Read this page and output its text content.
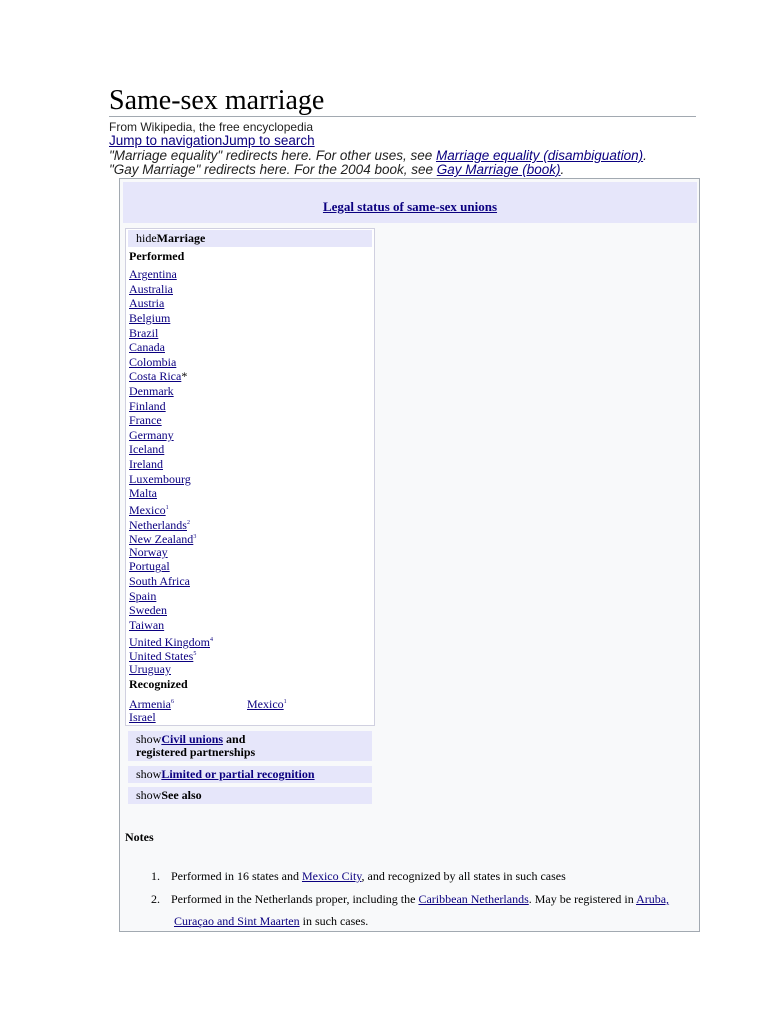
Same-sex marriage
From Wikipedia, the free encyclopedia
Jump to navigationJump to search
"Marriage equality" redirects here. For other uses, see Marriage equality (disambiguation).
"Gay Marriage" redirects here. For the 2004 book, see Gay Marriage (book).
Legal status of same-sex unions
hideMarriage
Performed
Argentina
Australia
Austria
Belgium
Brazil
Canada
Colombia
Costa Rica*
Denmark
Finland
France
Germany
Iceland
Ireland
Luxembourg
Malta
Mexico$^1$
Netherlands$^2$
New Zealand$^3$
Norway
Portugal
South Africa
Spain
Sweden
Taiwan
United Kingdom$^4$
United States$^5$
Uruguay
Recognized
Armenia$^6$	Mexico$^1$
Israel
showCivil unions and
registered partnerships
showLimited or partial recognition
showSee also
Notes
1. Performed in 16 states and Mexico City, and recognized by all states in such cases
2. Performed in the Netherlands proper, including the Caribbean Netherlands. May be registered in Aruba,
Curaçao and Sint Maarten in such cases.
